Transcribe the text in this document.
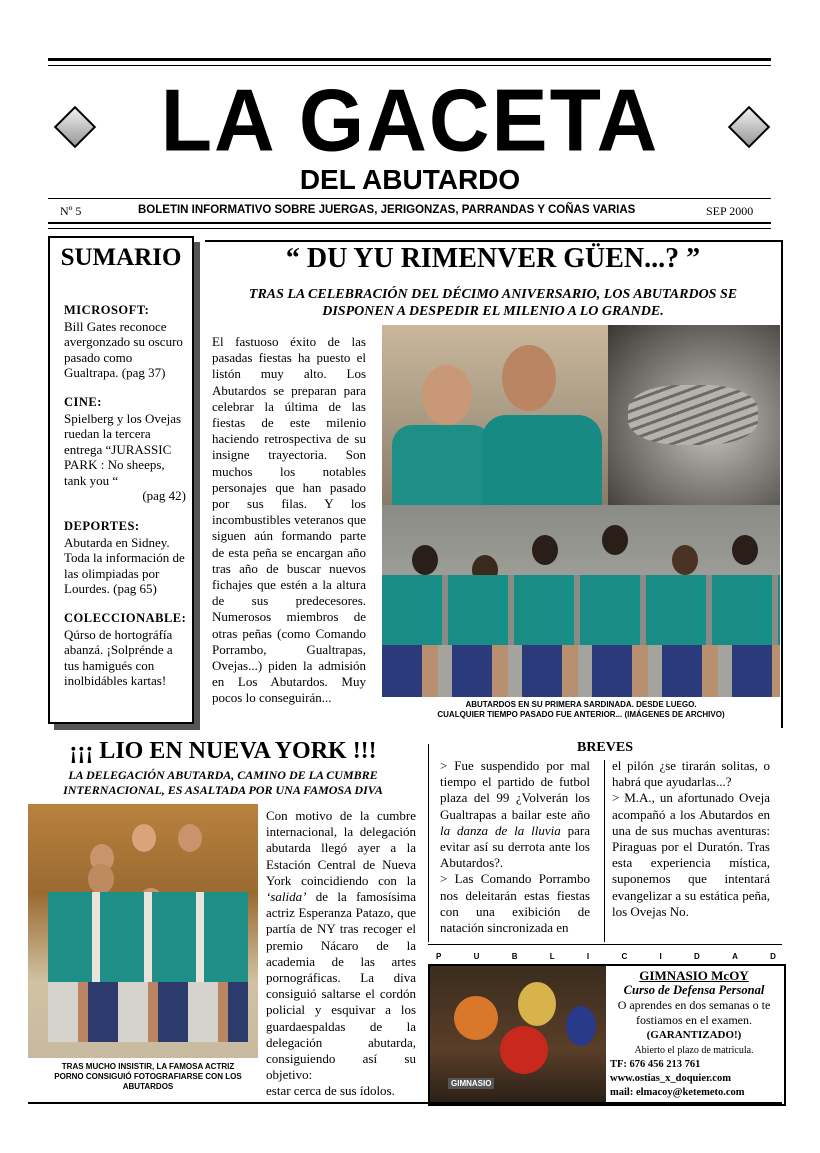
LA GACETA
DEL ABUTARDO
Nº 5	BOLETIN INFORMATIVO SOBRE JUERGAS, JERIGONZAS, PARRANDAS Y COÑAS VARIAS	SEP 2000
SUMARIO
MICROSOFT:
Bill Gates reconoce avergonzado su oscuro pasado como Gualtrapa. (pag 37)
CINE:
Spielberg y los Ovejas ruedan la tercera entrega “JURASSIC PARK : No sheeps, tank you “

(pag 42)
DEPORTES:
Abutarda en Sidney. Toda la información de las olimpiadas por Lourdes. (pag 65)
COLECCIONABLE:
Qúrso de hortográfía abanzá. ¡Solprénde a tus hamigués con inolbidábles kartas!
“ DU YU RIMENVER GÜEN...? ”
TRAS LA CELEBRACIÓN DEL DÉCIMO ANIVERSARIO, LOS ABUTARDOS SE DISPONEN A DESPEDIR EL MILENIO A LO GRANDE.
El fastuoso éxito de las pasadas fiestas ha puesto el listón muy alto. Los Abutardos se preparan para celebrar la última de las fiestas de este milenio haciendo retrospectiva de su insigne trayectoria. Son muchos los notables personajes que han pasado por sus filas. Y los incombustibles veteranos que siguen aún formando parte de esta peña se encargan año tras año de buscar nuevos fichajes que estén a la altura de sus predecesores. Numerosos miembros de otras peñas (como Comando Porrambo, Gualtrapas, Ovejas...) piden la admisión en Los Abutardos. Muy pocos lo conseguirán...	ABUTARDOS EN SU PRIMERA SARDINADA. DESDE LUEGO.
CUALQUIER TIEMPO PASADO FUE ANTERIOR... (IMÁGENES DE ARCHIVO)
¡¡¡ LIO EN NUEVA YORK !!!
LA DELEGACIÓN ABUTARDA, CAMINO DE LA CUMBRE INTERNACIONAL, ES ASALTADA POR UNA FAMOSA DIVA
TRAS MUCHO INSISTIR, LA FAMOSA ACTRIZ PORNO CONSIGUIÓ FOTOGRAFIARSE CON LOS ABUTARDOS
Con motivo de la cumbre internacional, la delegación abutarda llegó ayer a la Estación Central de Nueva York coincidiendo con la ‘salida’ de la famosísima actriz Esperanza Patazo, que partía de NY tras recoger el premio Nácaro de la academia de las artes pornográficas. La diva consiguió saltarse el cordón policial y esquivar a los guardaespaldas de la delegación abutarda, consiguiendo así su objetivo:
estar cerca de sus ídolos.
BREVES
> Fue suspendido por mal tiempo el partido de futbol plaza del 99 ¿Volverán los Gualtrapas a bailar este año la danza de la lluvia para evitar así su derrota ante los Abutardos?.
> Las Comando Porrambo nos deleitarán estas fiestas con una exibición de natación sincronizada en
el pilón ¿se tirarán solitas, o habrá que ayudarlas...?
> M.A., un afortunado Oveja acompañó a los Abutardos en una de sus muchas aventuras: Piraguas por el Duratón. Tras esta experiencia mística, suponemos que intentará evangelizar a su estática peña, los Ovejas No.
P	U	B	L	I	C	I	D	A	D
GIMNASIO
GIMNASIO McOY
Curso de Defensa Personal
O aprendes en dos semanas o te fostiamos en el examen.
(GARANTIZADO!)
Abierto el plazo de matricula.
TF: 676 456 213 761
www.ostias_x_doquier.com
mail: elmacoy@ketemeto.com
